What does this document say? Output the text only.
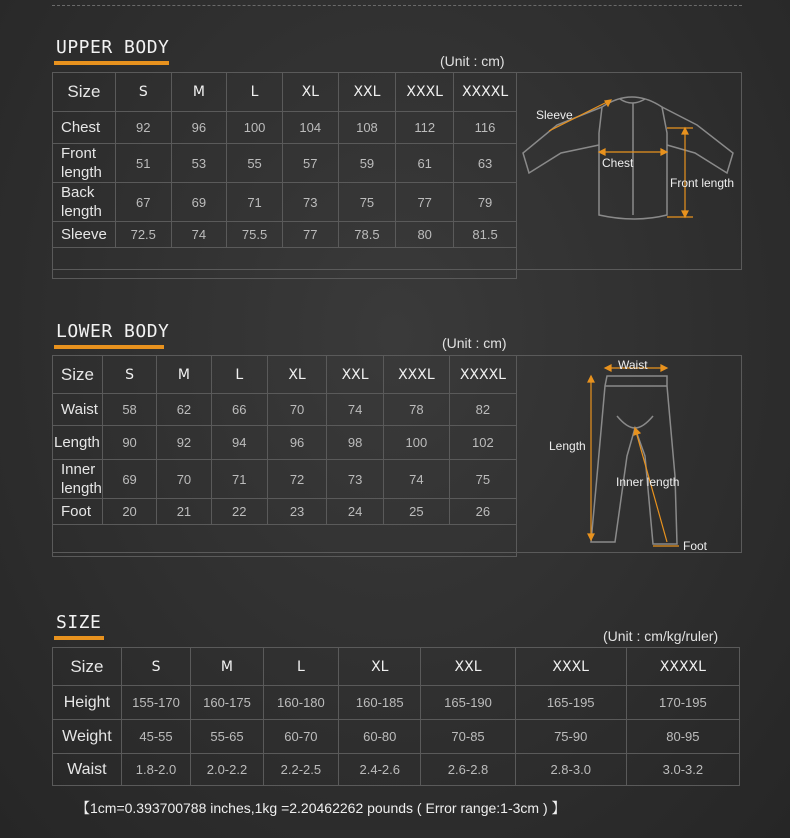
UPPER BODY
(Unit : cm)
Size	S	M	L	XL	XXL	XXXL	XXXXL
Chest	92	96	100	104	108	112	116
Front length	51	53	55	57	59	61	63
Back length	67	69	71	73	75	77	79
Sleeve	72.5	74	75.5	77	78.5	80	81.5

Sleeve
Chest
Front length
LOWER BODY
(Unit : cm)
Size	S	M	L	XL	XXL	XXXL	XXXXL
Waist	58	62	66	70	74	78	82
Length	90	92	94	96	98	100	102
Inner length	69	70	71	72	73	74	75
Foot	20	21	22	23	24	25	26

Waist
Length
Inner length
Foot
SIZE
(Unit : cm/kg/ruler)
Size	S	M	L	XL	XXL	XXXL	XXXXL
Height	155-170	160-175	160-180	160-185	165-190	165-195	170-195
Weight	45-55	55-65	60-70	60-80	70-85	75-90	80-95
Waist	1.8-2.0	2.0-2.2	2.2-2.5	2.4-2.6	2.6-2.8	2.8-3.0	3.0-3.2
【1cm=0.393700788 inches,1kg =2.20462262 pounds ( Error range:1-3cm ) 】
